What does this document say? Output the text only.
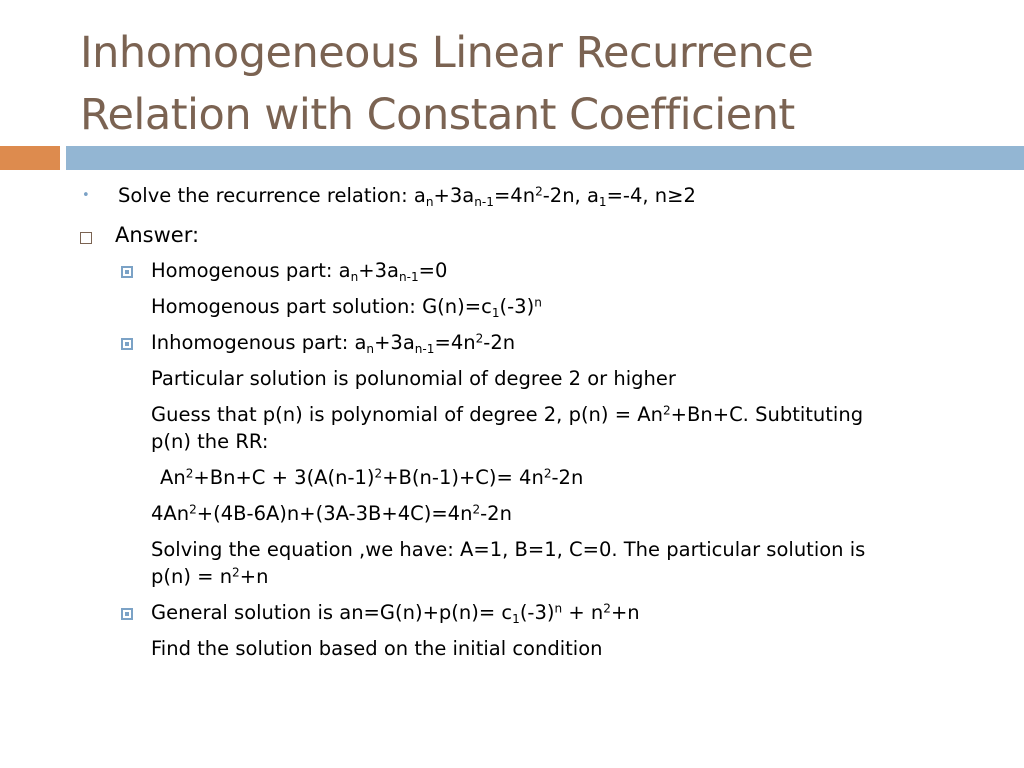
Inhomogeneous Linear Recurrence
Relation with Constant Coefficient
• Solve the recurrence relation: $a_n+3a_{n-1}=4n^2-2n$, $a_1=-4$, n≥2
Answer:
Homogenous part: $a_n+3a_{n-1}=0$
Homogenous part solution: $G(n)=c_1(-3)^n$
Inhomogenous part: $a_n+3a_{n-1}=4n^2-2n$
Particular solution is polunomial of degree 2 or higher
Guess that p(n) is polynomial of degree 2, $p(n) = An^2+Bn+C$. Subtituting
p(n) the RR:
$An^2+Bn+C + 3(A(n-1)^2+B(n-1)+C)= 4n^2-2n$
$4An^2+(4B-6A)n+(3A-3B+4C)=4n^2-2n$
Solving the equation ,we have: A=1, B=1, C=0. The particular solution is
$p(n) = n^2+n$
General solution is $an=G(n)+p(n)= c_1(-3)^n + n^2+n$
Find the solution based on the initial condition
